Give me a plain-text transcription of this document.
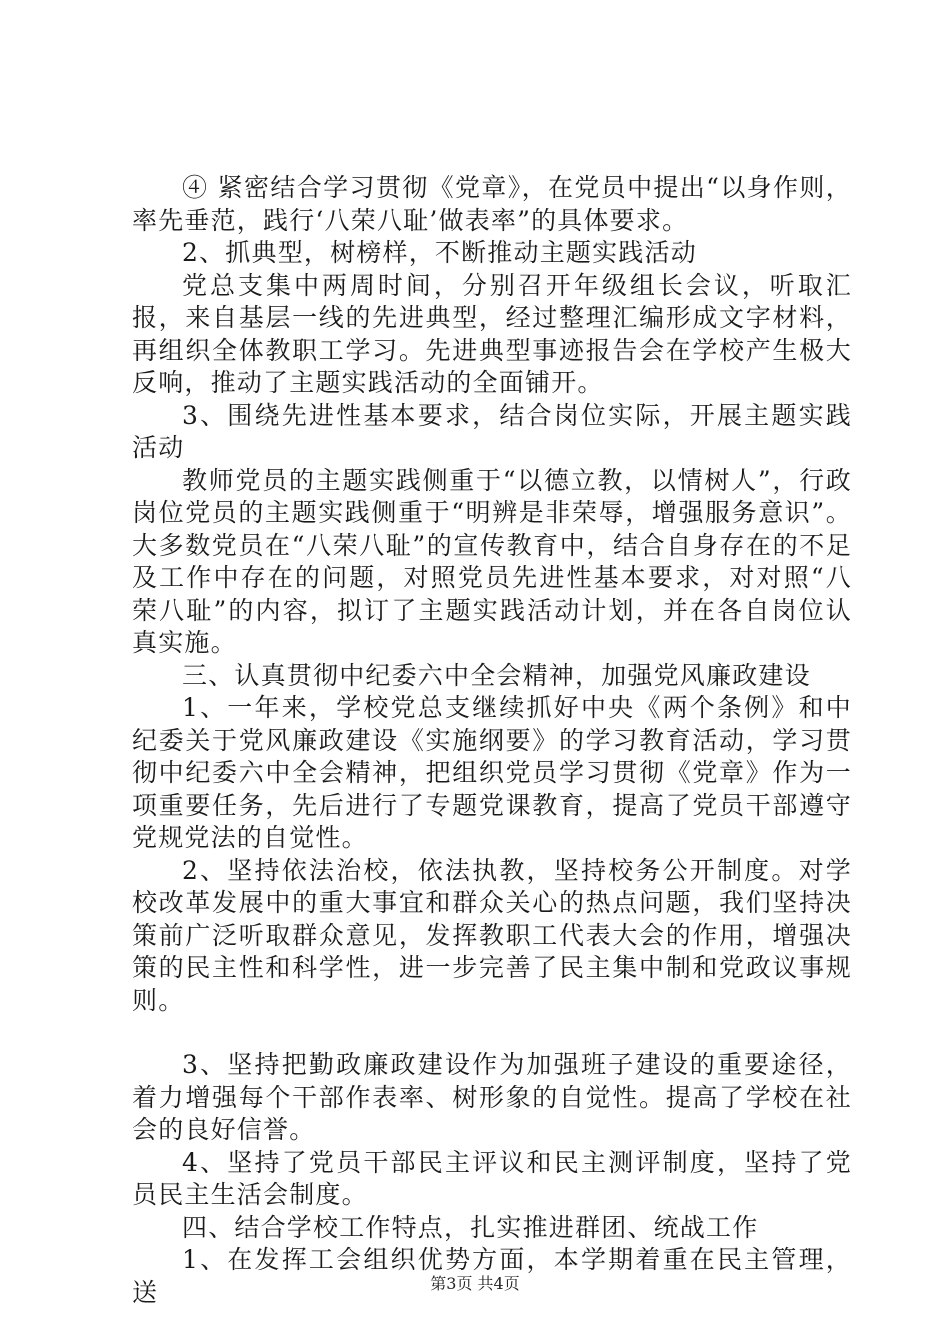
④ 紧密结合学习贯彻《党章》，在党员中提出“以身作则，率先垂范，践行‘八荣八耻’做表率”的具体要求。

2、抓典型，树榜样，不断推动主题实践活动

党总支集中两周时间，分别召开年级组长会议，听取汇报，来自基层一线的先进典型，经过整理汇编形成文字材料，再组织全体教职工学习。先进典型事迹报告会在学校产生极大反响，推动了主题实践活动的全面铺开。

3、围绕先进性基本要求，结合岗位实际，开展主题实践活动

教师党员的主题实践侧重于“以德立教，以情树人”，行政岗位党员的主题实践侧重于“明辨是非荣辱，增强服务意识”。大多数党员在“八荣八耻”的宣传教育中，结合自身存在的不足及工作中存在的问题，对照党员先进性基本要求，对对照“八荣八耻”的内容，拟订了主题实践活动计划，并在各自岗位认真实施。

三、认真贯彻中纪委六中全会精神，加强党风廉政建设

1、一年来，学校党总支继续抓好中央《两个条例》和中纪委关于党风廉政建设《实施纲要》的学习教育活动，学习贯彻中纪委六中全会精神，把组织党员学习贯彻《党章》作为一项重要任务，先后进行了专题党课教育，提高了党员干部遵守党规党法的自觉性。

2、坚持依法治校，依法执教，坚持校务公开制度。对学校改革发展中的重大事宜和群众关心的热点问题，我们坚持决策前广泛听取群众意见，发挥教职工代表大会的作用，增强决策的民主性和科学性，进一步完善了民主集中制和党政议事规则。

3、坚持把勤政廉政建设作为加强班子建设的重要途径，着力增强每个干部作表率、树形象的自觉性。提高了学校在社会的良好信誉。

4、坚持了党员干部民主评议和民主测评制度，坚持了党员民主生活会制度。

四、结合学校工作特点，扎实推进群团、统战工作

1、在发挥工会组织优势方面，本学期着重在民主管理，送	第3页 共4页
